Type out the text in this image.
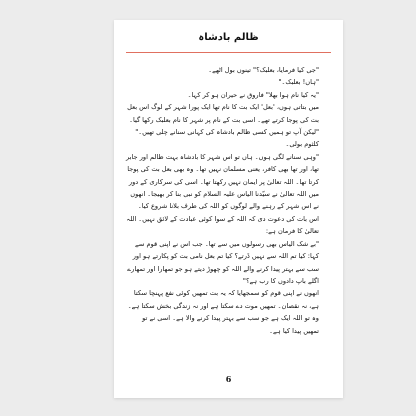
ظالم بادشاہ

"جی کیا فرمایا، بعلبک؟" تینوں بول اٹھے۔

"ہاں! بعلبک۔"

"یہ کیا نام ہوا بھلا" فاروق نے حیران ہو کر کہا۔

میں بتاتی ہوں، 'بعل' ایک بت کا نام تھا ایک پورا شہر کے لوگ اس بعل بت کی پوجا کرتے تھے۔ اسی بت کے نام پر شہر کا نام بعلبک رکھا گیا۔

"لیکن آپ تو ہمیں کسی ظالم بادشاہ کی کہانی سنانے چلی تھیں۔" کلثوم بولی۔

"وہی سنانے لگی ہوں۔ ہاں تو اس شہر کا بادشاہ بہت ظالم اور جابر تھا، اور تھا بھی کافر، یعنی مسلمان نہیں تھا۔ وہ بھی بعل بت کی پوجا کرتا تھا۔ اللہ تعالیٰ پر ایمان نہیں رکھتا تھا۔ اسی کی سرکاری کے دور میں اللہ تعالیٰ نے سیّدنا الیاس علیہ السلام کو نبی بنا کر بھیجا۔ انھوں نے اس شہر کے رہنے والے لوگوں کو اللہ کی طرف بلانا شروع کیا۔ اس بات کی دعوت دی کہ اللہ کے سوا کوئی عبادت کے لائق نہیں۔ اللہ تعالیٰ کا فرمان ہے:

"بے شک الیاس بھی رسولوں میں سے تھا۔ جب اس نے اپنی قوم سے کہا: کیا تم اللہ سے نہیں ڈرتے؟ کیا تم بعل نامی بت کو پکارتے ہو اور سب سے بہتر پیدا کرنے والے اللہ کو چھوڑ دیتے ہو جو تمھارا اور تمھارے اگلے باپ دادوں کا رب ہے؟"

انھوں نے اپنی قوم کو سمجھایا کہ یہ بت تمھیں کوئی نفع پہنچا سکتا ہے، نہ نقصان۔ تمھیں موت دے سکتا ہے اور نہ زندگی بخش سکتا ہے۔ وہ تو اللہ ایک ہے جو سب سے بہتر پیدا کرنے والا ہے۔ اسی نے تو تمھیں پیدا کیا ہے۔

6
